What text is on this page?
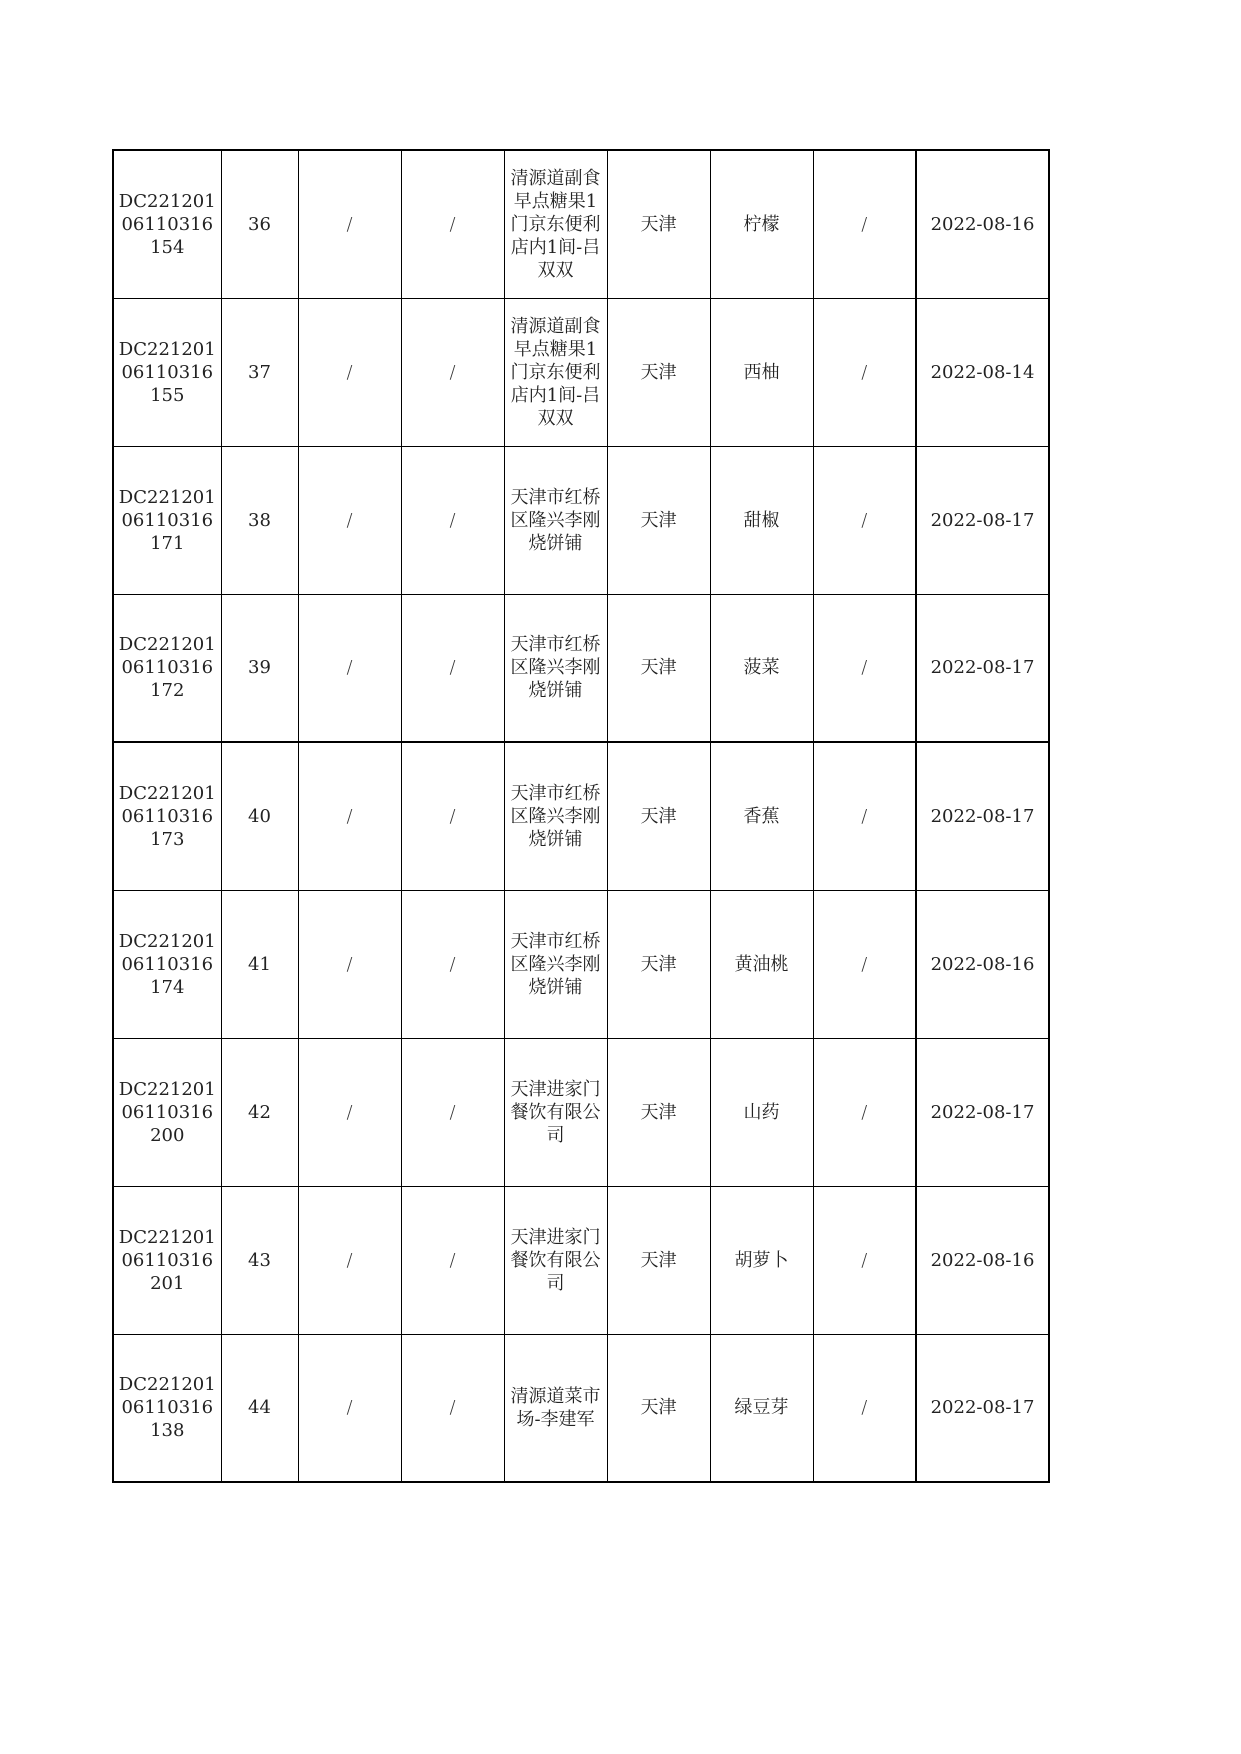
DC22120106110316154	36	/	/	清源道副食早点糖果1门京东便利店内1间-吕双双	天津	柠檬	/	2022-08-16
DC22120106110316155	37	/	/	清源道副食早点糖果1门京东便利店内1间-吕双双	天津	西柚	/	2022-08-14
DC22120106110316171	38	/	/	天津市红桥区隆兴李刚烧饼铺	天津	甜椒	/	2022-08-17
DC22120106110316172	39	/	/	天津市红桥区隆兴李刚烧饼铺	天津	菠菜	/	2022-08-17
DC22120106110316173	40	/	/	天津市红桥区隆兴李刚烧饼铺	天津	香蕉	/	2022-08-17
DC22120106110316174	41	/	/	天津市红桥区隆兴李刚烧饼铺	天津	黄油桃	/	2022-08-16
DC22120106110316200	42	/	/	天津进家门餐饮有限公司	天津	山药	/	2022-08-17
DC22120106110316201	43	/	/	天津进家门餐饮有限公司	天津	胡萝卜	/	2022-08-16
DC22120106110316138	44	/	/	清源道菜市场-李建军	天津	绿豆芽	/	2022-08-17
